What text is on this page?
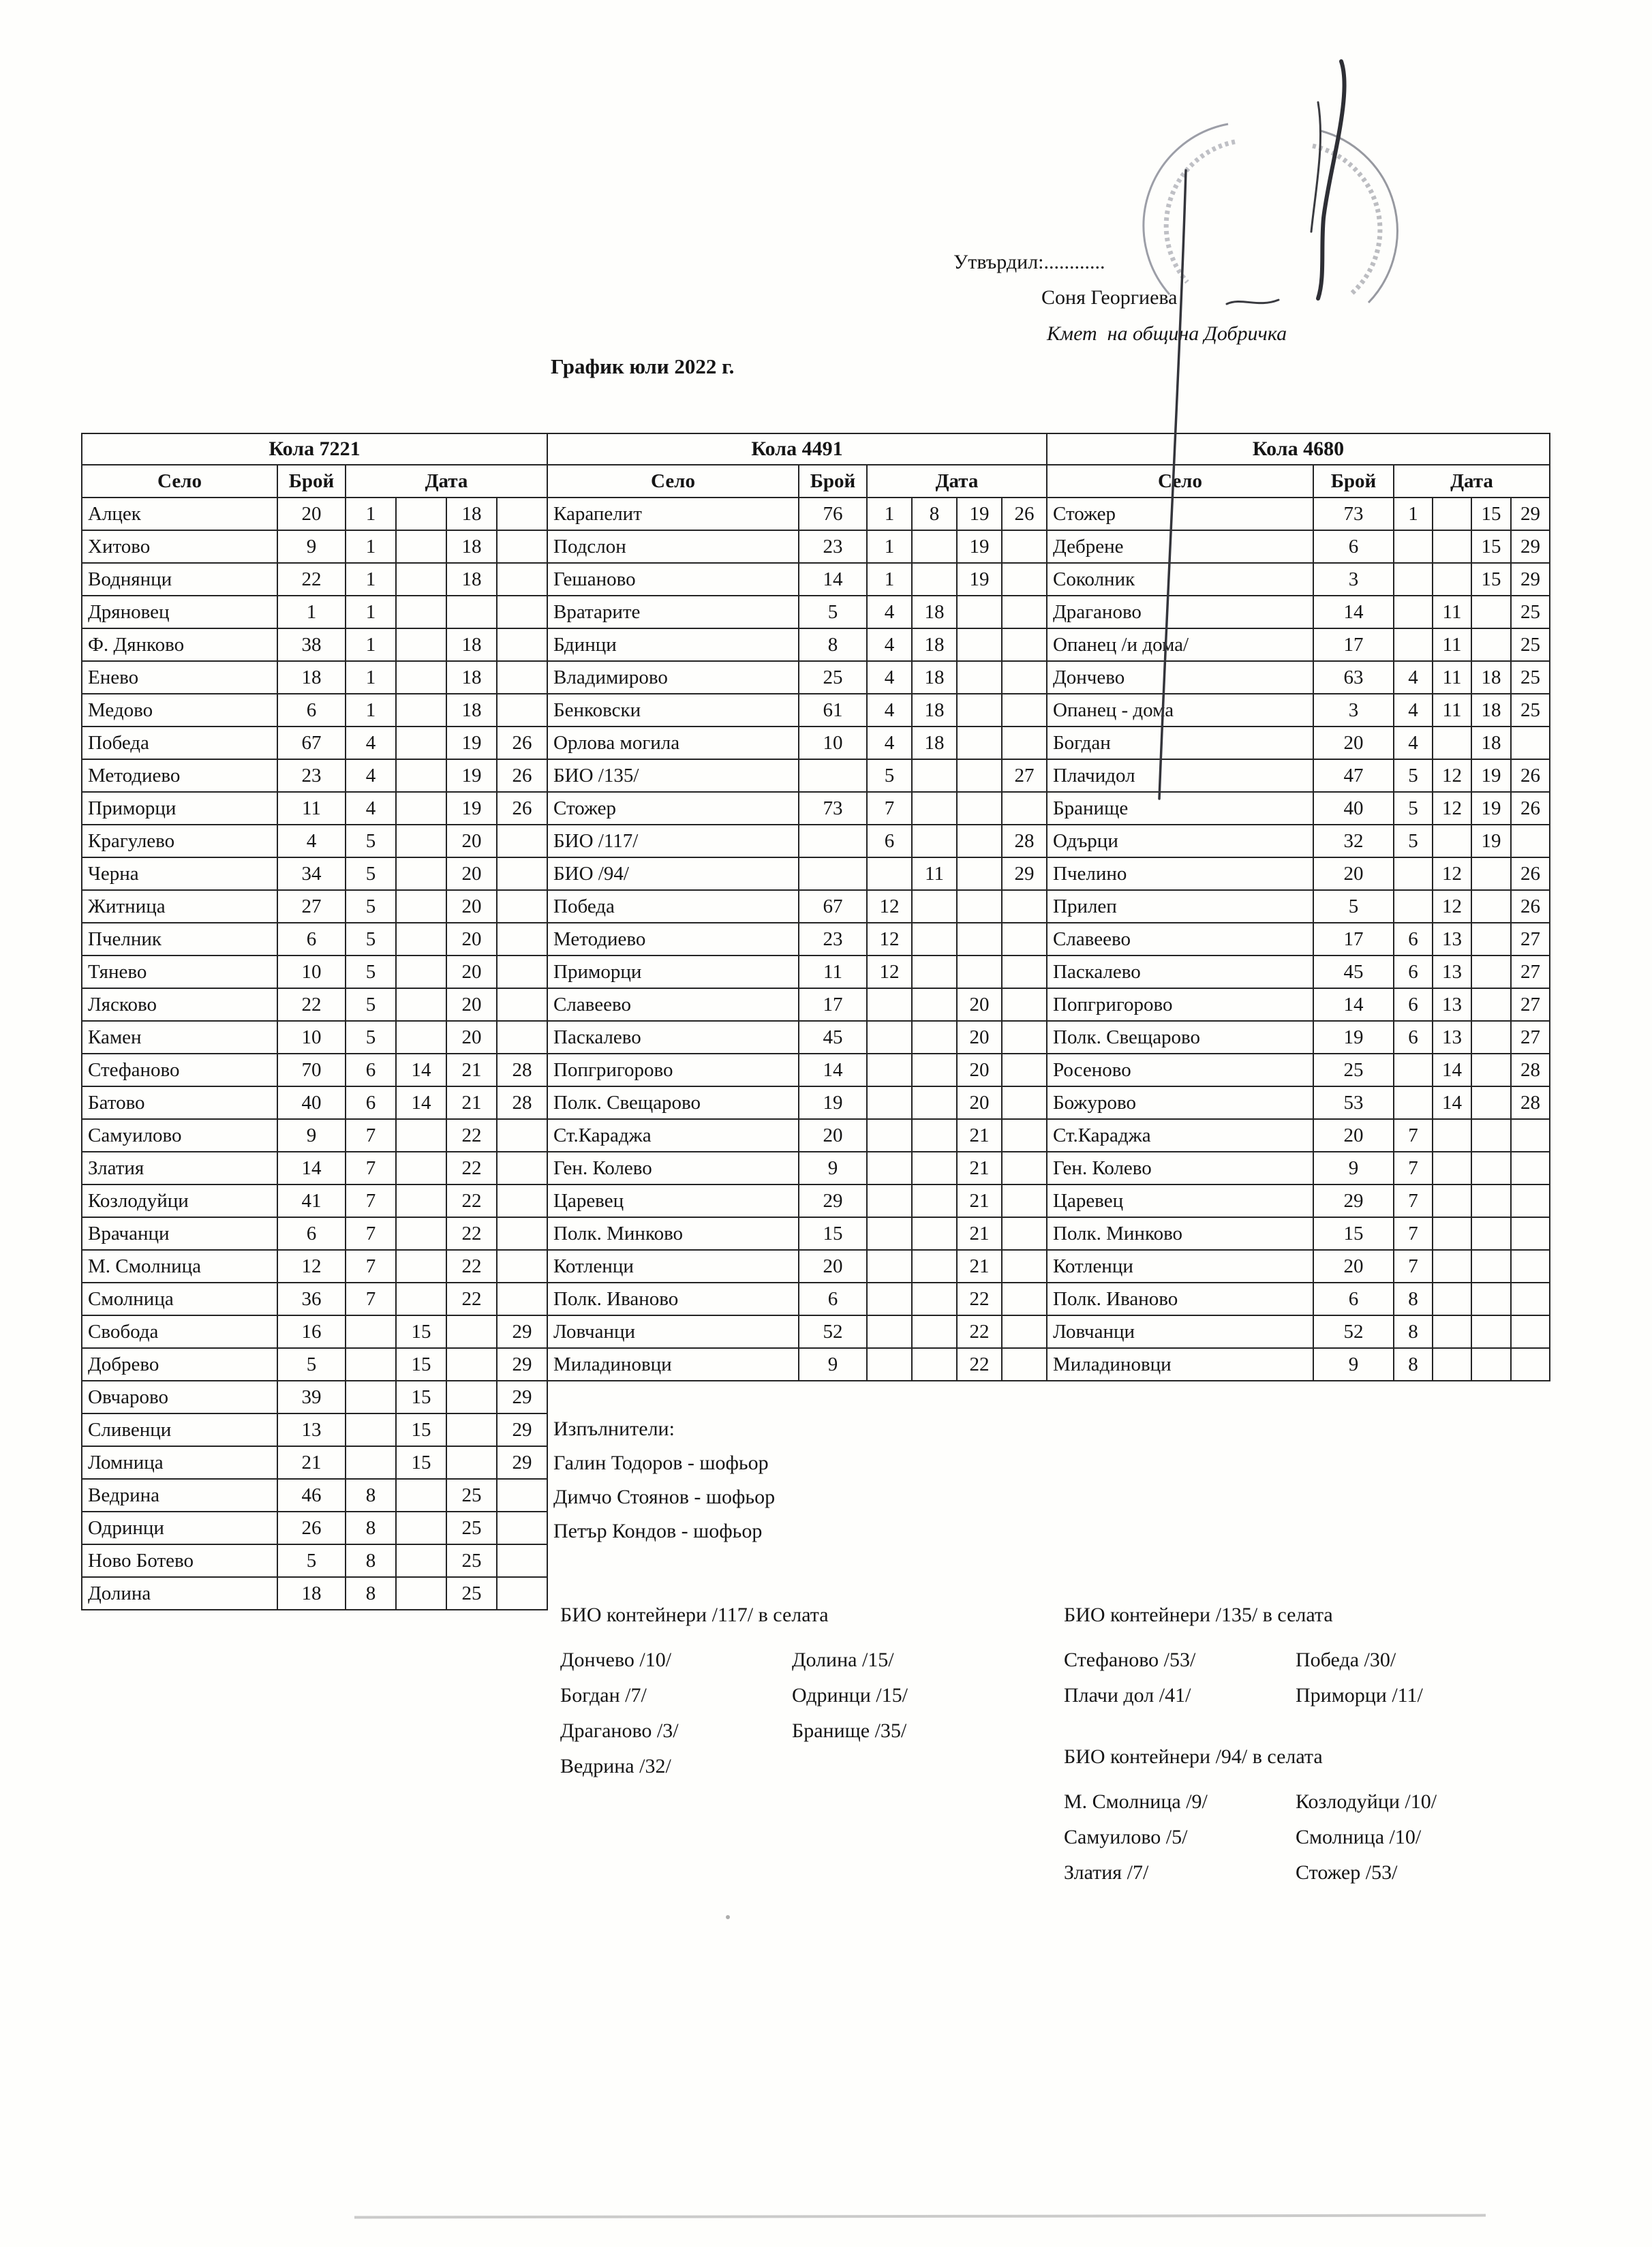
Утвърдил:............
Соня Георгиева
Кмет  на община Добричка
График юли 2022 г.
Кола 7221					
Село	Брой	Дата			
Алцек	20	1		18	
Хитово	9	1		18	
Воднянци	22	1		18	
Дряновец	1	1			
Ф. Дянково	38	1		18	
Енево	18	1		18	
Медово	6	1		18	
Победа	67	4		19	26
Методиево	23	4		19	26
Приморци	11	4		19	26
Крагулево	4	5		20	
Черна	34	5		20	
Житница	27	5		20	
Пчелник	6	5		20	
Тянево	10	5		20	
Лясково	22	5		20	
Камен	10	5		20	
Стефаново	70	6	14	21	28
Батово	40	6	14	21	28
Самуилово	9	7		22	
Златия	14	7		22	
Козлодуйци	41	7		22	
Врачанци	6	7		22	
М. Смолница	12	7		22	
Смолница	36	7		22	
Свобода	16		15		29
Добрево	5		15		29
Овчарово	39		15		29
Сливенци	13		15		29
Ломница	21		15		29
Ведрина	46	8		25	
Одринци	26	8		25	
Ново Ботево	5	8		25	
Долина	18	8		25	
Кола 4491					
Село	Брой	Дата			
Карапелит	76	1	8	19	26
Подслон	23	1		19	
Гешаново	14	1		19	
Вратарите	5	4	18		
Бдинци	8	4	18		
Владимирово	25	4	18		
Бенковски	61	4	18		
Орлова могила	10	4	18		
БИО /135/		5			27
Стожер	73	7			
БИО /117/		6			28
БИО /94/			11		29
Победа	67	12			
Методиево	23	12			
Приморци	11	12			
Славеево	17			20	
Паскалево	45			20	
Попгригорово	14			20	
Полк. Свещарово	19			20	
Ст.Караджа	20			21	
Ген. Колево	9			21	
Царевец	29			21	
Полк. Минково	15			21	
Котленци	20			21	
Полк. Иваново	6			22	
Ловчанци	52			22	
Миладиновци	9			22	
Кола 4680					
Село	Брой	Дата			
Стожер	73	1		15	29
Дебрене	6			15	29
Соколник	3			15	29
Драганово	14		11		25
Опанец /и дома/	17		11		25
Дончево	63	4	11	18	25
Опанец - дома	3	4	11	18	25
Богдан	20	4		18	
Плачидол	47	5	12	19	26
Бранище	40	5	12	19	26
Одърци	32	5		19	
Пчелино	20		12		26
Прилеп	5		12		26
Славеево	17	6	13		27
Паскалево	45	6	13		27
Попгригорово	14	6	13		27
Полк. Свещарово	19	6	13		27
Росеново	25		14		28
Божурово	53		14		28
Ст.Караджа	20	7			
Ген. Колево	9	7			
Царевец	29	7			
Полк. Минково	15	7			
Котленци	20	7			
Полк. Иваново	6	8			
Ловчанци	52	8			
Миладиновци	9	8			
Изпълнители:
Галин Тодоров - шофьор
Димчо Стоянов - шофьор
Петър Кондов - шофьор
БИО контейнери /117/ в селата
Дончево /10/
Богдан /7/
Драганово /3/
Ведрина /32/
Долина /15/
Одринци /15/
Бранище /35/
БИО контейнери /135/ в селата
Стефаново /53/
Плачи дол /41/
Победа /30/
Приморци /11/
БИО контейнери /94/ в селата
М. Смолница /9/
Самуилово /5/
Златия /7/
Козлодуйци /10/
Смолница /10/
Стожер /53/
